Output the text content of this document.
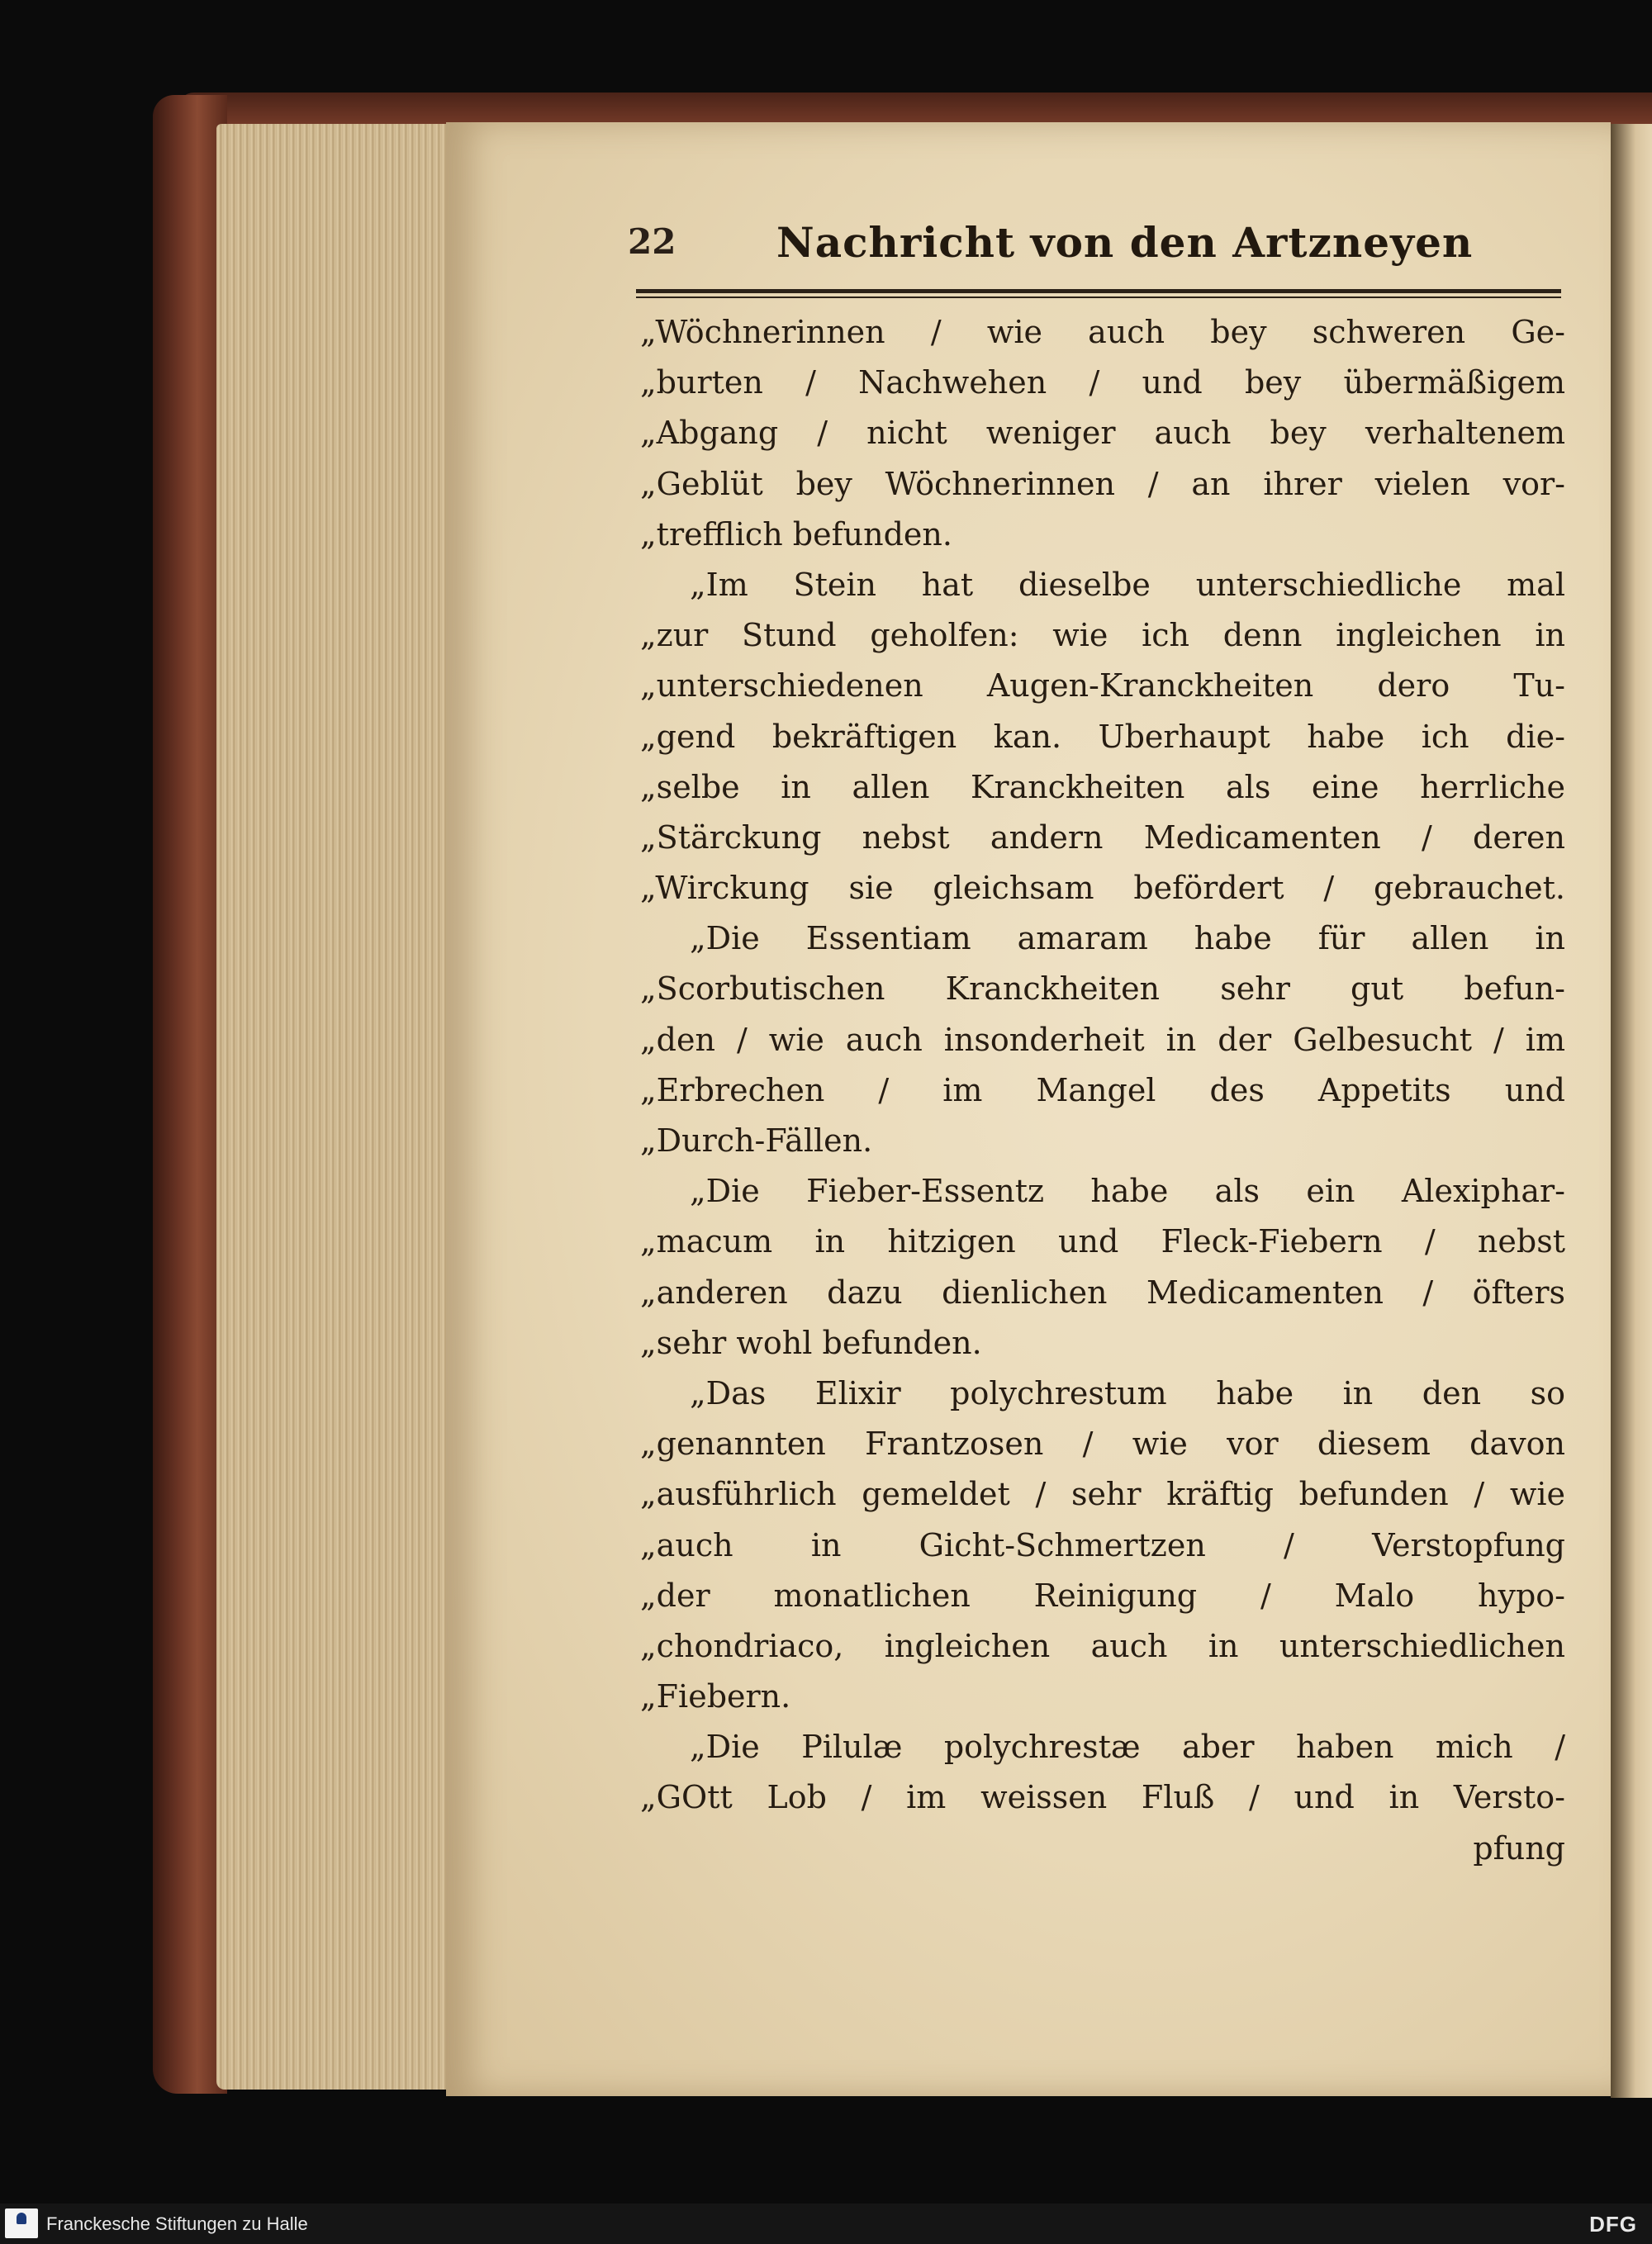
22 Nachricht von den Artzneyen
„Wöchnerinnen / wie auch bey schweren Ge-
„burten / Nachwehen / und bey übermäßigem
„Abgang / nicht weniger auch bey verhaltenem
„Geblüt bey Wöchnerinnen / an ihrer vielen vor-
„trefflich befunden.
„Im Stein hat dieselbe unterschiedliche mal
„zur Stund geholfen: wie ich denn ingleichen in
„unterschiedenen Augen-Kranckheiten dero Tu-
„gend bekräftigen kan. Uberhaupt habe ich die-
„selbe in allen Kranckheiten als eine herrliche
„Stärckung nebst andern Medicamenten / deren
„Wirckung sie gleichsam befördert / gebrauchet.
„Die Essentiam amaram habe für allen in
„Scorbutischen Kranckheiten sehr gut befun-
„den / wie auch insonderheit in der Gelbesucht / im
„Erbrechen / im Mangel des Appetits und
„Durch-Fällen.
„Die Fieber-Essentz habe als ein Alexiphar-
„macum in hitzigen und Fleck-Fiebern / nebst
„anderen dazu dienlichen Medicamenten / öfters
„sehr wohl befunden.
„Das Elixir polychrestum habe in den so
„genannten Frantzosen / wie vor diesem davon
„ausführlich gemeldet / sehr kräftig befunden / wie
„auch in Gicht-Schmertzen / Verstopfung
„der monatlichen Reinigung / Malo hypo-
„chondriaco, ingleichen auch in unterschiedlichen
„Fiebern.
„Die Pilulæ polychrestæ aber haben mich /
„GOtt Lob / im weissen Fluß / und in Versto-
pfung
Franckesche Stiftungen zu Halle	DFG
